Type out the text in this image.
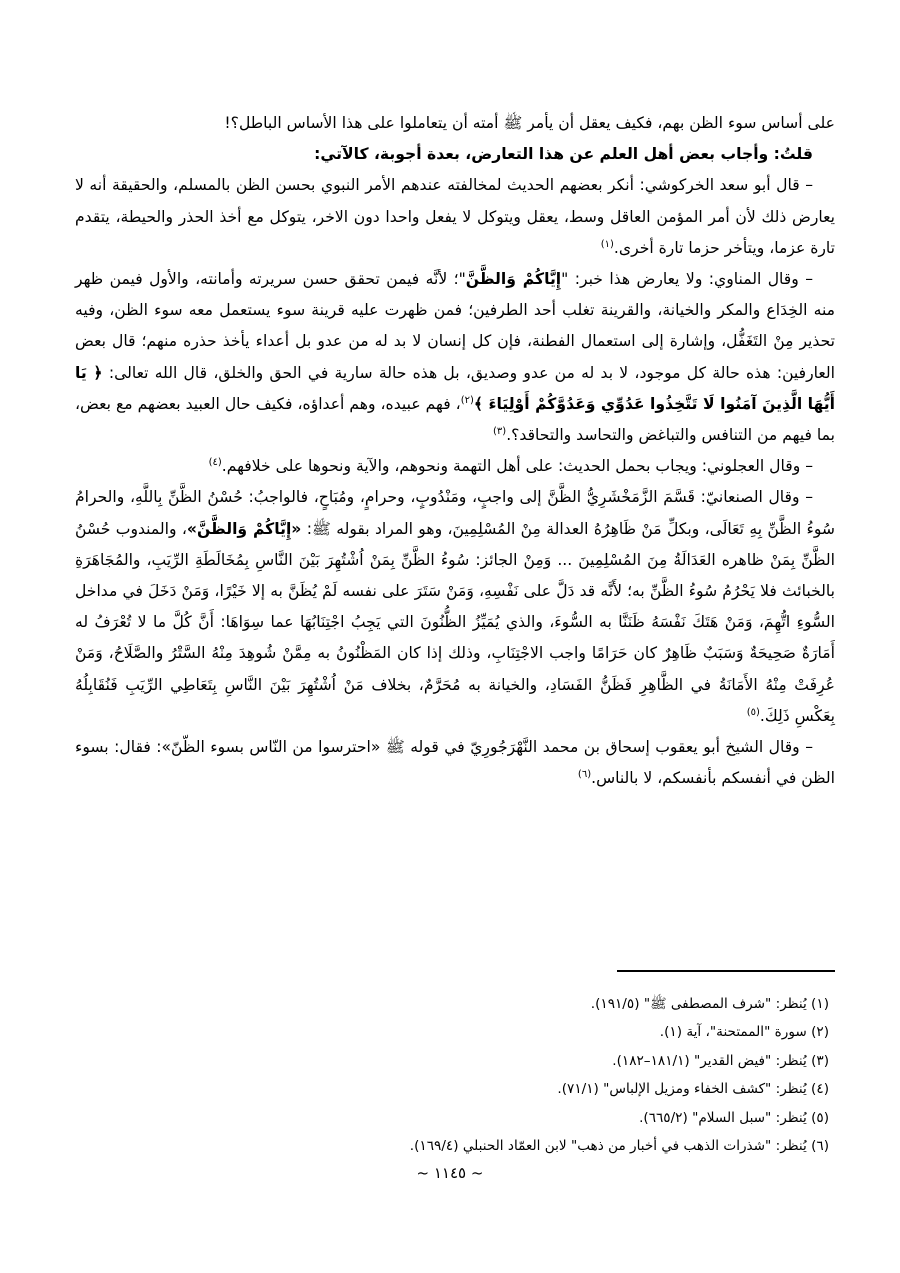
على أساس سوء الظن بهم، فكيف يعقل أن يأمر ﷺ أمته أن يتعاملوا على هذا الأساس الباطل؟!

قلتُ: وأجاب بعض أهل العلم عن هذا التعارض، بعدة أجوبة، كالآتي:

– قال أبو سعد الخركوشي: أنكر بعضهم الحديث لمخالفته عندهم الأمر النبوي بحسن الظن بالمسلم، والحقيقة أنه لا يعارض ذلك لأن أمر المؤمن العاقل وسط، يعقل ويتوكل لا يفعل واحدا دون الاخر، يتوكل مع أخذ الحذر والحيطة، يتقدم تارة عزما، ويتأخر حزما تارة أخرى.$^{(١)}$

– وقال المناوي: ولا يعارض هذا خبر: "إِيَّاكُمْ وَالظَّنَّ"؛ لأنَّه فيمن تحقق حسن سريرته وأمانته، والأول فيمن ظهر منه الخِدَاع والمكر والخيانة، والقرينة تغلب أحد الطرفين؛ فمن ظهرت عليه قرينة سوء يستعمل معه سوء الظن، وفيه تحذير مِنْ التَغَفُّل، وإشارة إلى استعمال الفطنة، فإن كل إنسان لا بد له من عدو بل أعداء يأخذ حذره منهم؛ قال بعض العارفين: هذه حالة كل موجود، لا بد له من عدو وصديق، بل هذه حالة سارية في الحق والخلق، قال الله تعالى: ﴿ يَا أَيُّهَا الَّذِينَ آمَنُوا لَا تَتَّخِذُوا عَدُوِّي وَعَدُوَّكُمْ أَوْلِيَاءَ ﴾$^{(٢)}$، فهم عبيده، وهم أعداؤه، فكيف حال العبيد بعضهم مع بعض، بما فيهم من التنافس والتباغض والتحاسد والتحاقد؟.$^{(٣)}$

– وقال العجلوني: ويجاب بحمل الحديث: على أهل التهمة ونحوهم، والآية ونحوها على خلافهم.$^{(٤)}$

– وقال الصنعانيّ: قَسَّمَ الزَّمَخْشَرِيُّ الظَّنَّ إلى واجبٍ، ومَنْدُوبٍ، وحرامٍ، ومُبَاحٍ، فالواجبُ: حُسْنُ الظَّنِّ بِاللَّهِ، والحرامُ سُوءُ الظَّنِّ بِهِ تَعَالَى، وبكلِّ مَنْ ظَاهِرُهُ العدالة مِنْ المُسْلِمِينَ، وهو المراد بقوله ﷺ: «إِيَّاكُمْ وَالظَّنَّ»، والمندوب حُسْنُ الظَّنِّ بِمَنْ ظاهره العَدَالَةُ مِنَ المُسْلِمِينَ ... وَمِنْ الجائز: سُوءُ الظَّنِّ بِمَنْ اُشْتُهِرَ بَيْنَ النَّاسِ بِمُخَالَطَةِ الرِّيَبِ، والمُجَاهَرَةِ بالخبائث فلا يَحْرُمُ سُوءُ الظَّنِّ به؛ لأَنَّه قد دَلَّ على نَفْسِهِ، وَمَنْ سَتَرَ على نفسه لَمْ يُظَنَّ به إلا خَيْرًا، وَمَنْ دَخَلَ في مداخل السُّوءِ اتُّهِمَ، وَمَنْ هَتَكَ نَفْسَهُ ظَنَنَّا به السُّوءَ، والذي يُمَيِّزُ الظُّنُونَ التي يَجِبُ اجْتِنَابُهَا عما سِوَاهَا: أَنَّ كُلَّ ما لا تُعْرَفُ له أَمَارَةٌ صَحِيحَةٌ وَسَبَبٌ ظَاهِرٌ كان حَرَامًا واجب الاجْتِنَابِ، وذلك إذا كان المَظْنُونُ به مِمَّنْ شُوهِدَ مِنْهُ السَّتْرُ والصَّلَاحُ، وَمَنْ عُرِفَتْ مِنْهُ الأَمَانَةُ في الظَّاهِرِ فَظَنُّ الفَسَادِ، والخيانة به مُحَرَّمٌ، بخلاف مَنْ اُشْتُهِرَ بَيْنَ النَّاسِ بِتَعَاطِي الرِّيَبِ فَنُقَابِلُهُ بِعَكْسِ ذَلِكَ.$^{(٥)}$

– وقال الشيخ أبو يعقوب إسحاق بن محمد النَّهْرَجُورِيّ في قوله ﷺ «احترسوا من النّاس بسوء الظّنّ»: فقال: بسوء الظن في أنفسكم بأنفسكم، لا بالناس.$^{(٦)}$

(١) يُنظر: "شرف المصطفى ﷺ" (١٩١/٥).

(٢) سورة "الممتحنة"، آية (١).

(٣) يُنظر: "فيض القدير" (١٨١/١–١٨٢).

(٤) يُنظر: "كشف الخفاء ومزيل الإلباس" (٧١/١).

(٥) يُنظر: "سبل السلام" (٦٦٥/٢).

(٦) يُنظر: "شذرات الذهب في أخبار من ذهب" لابن العمّاد الحنبلي (١٦٩/٤).

~ ١١٤٥ ~
